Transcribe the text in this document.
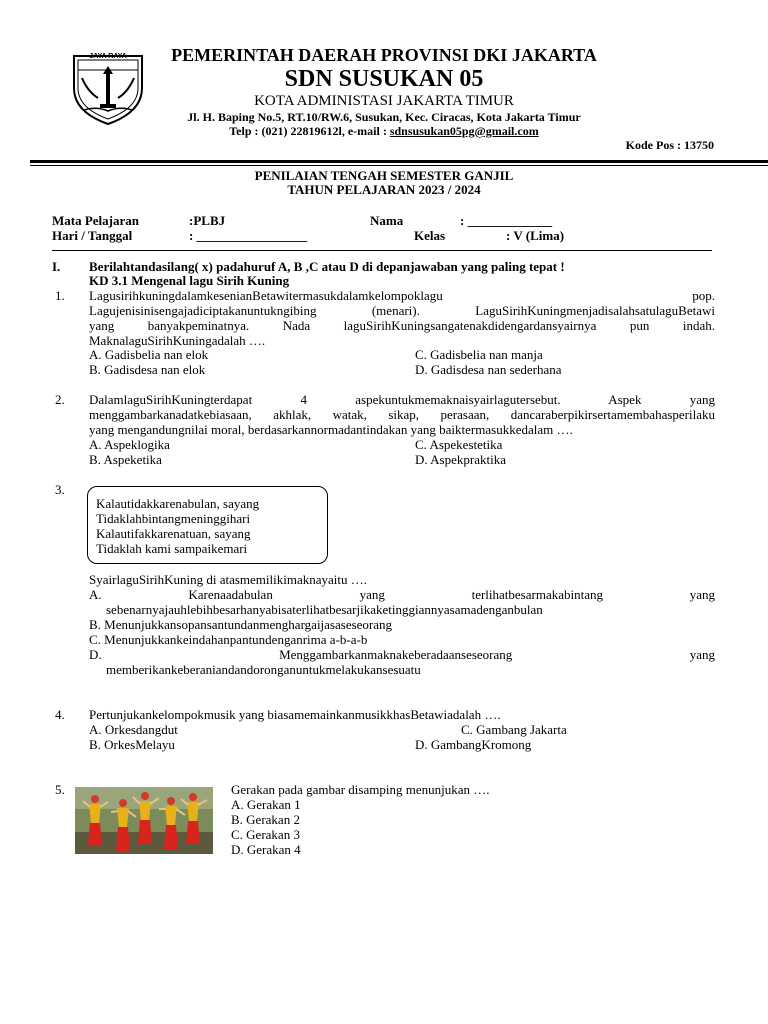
JAYA RAYA	PEMERINTAH DAERAH PROVINSI DKI JAKARTA
SDN SUSUKAN 05
KOTA ADMINISTASI JAKARTA TIMUR
Jl. H. Baping No.5, RT.10/RW.6, Susukan, Kec. Ciracas, Kota Jakarta Timur
Telp : (021) 22819612l, e-mail : sdnsusukan05pg@gmail.com
Kode Pos : 13750
PENILAIAN TENGAH SEMESTER GANJIL
TAHUN PELAJARAN 2023 / 2024
Mata Pelajaran	:PLBJ	Nama	: _____________
Hari / Tanggal	: _________________	Kelas	: V (Lima)
I. Berilahtandasilang( x) padahuruf A, B ,C atau D di depanjawaban yang paling tepat !
KD 3.1 Mengenal lagu Sirih Kuning
1. LagusirihkuningdalamkesenianBetawitermasukdalamkelompoklagu pop.
Lagujenisinisengajadiciptakanuntukngibing (menari). LaguSirihKuningmenjadisalahsatulaguBetawi
yang banyakpeminatnya. Nada laguSirihKuningsangatenakdidengardansyairnya pun indah.
MaknalaguSirihKuningadalah ….
A. Gadisbelia nan elok	C. Gadisbelia nan manja
B. Gadisdesa nan elok	D. Gadisdesa nan sederhana
2. DalamlaguSirihKuningterdapat 4 aspekuntukmemaknaisyairlagutersebut. Aspek yang
menggambarkanadatkebiasaan, akhlak, watak, sikap, perasaan, dancaraberpikirsertamembahasperilaku
yang mengandungnilai moral, berdasarkannormadantindakan yang baiktermasukkedalam ….
A. Aspeklogika	C. Aspekestetika
B. Aspeketika	D. Aspekpraktika
3.
Kalautidakkarenabulan, sayang
Tidaklahbintangmeninggihari
Kalautifakkarenatuan, sayang
Tidaklah kami sampaikemari
SyairlaguSirihKuning di atasmemilikimaknayaitu ….
A. Karenaadabulan yang terlihatbesarmakabintang yang
sebenarnyajauhlebihbesarhanyabisaterlihatbesarjikaketinggiannyasamadenganbulan
B. Menunjukkansopansantundanmenghargaijasaseseorang
C. Menunjukkankeindahanpantundenganrima a-b-a-b
D. Menggambarkanmaknakeberadaanseseorang yang
memberikankeberaniandandoronganuntukmelakukansesuatu
4. Pertunjukankelompokmusik yang biasamemainkanmusikkhasBetawiadalah ….
A. Orkesdangdut	C. Gambang Jakarta
B. OrkesMelayu	D. GambangKromong
5.	Gerakan pada gambar disamping menunjukan ….
A. Gerakan 1
B. Gerakan 2
C. Gerakan 3
D. Gerakan 4
